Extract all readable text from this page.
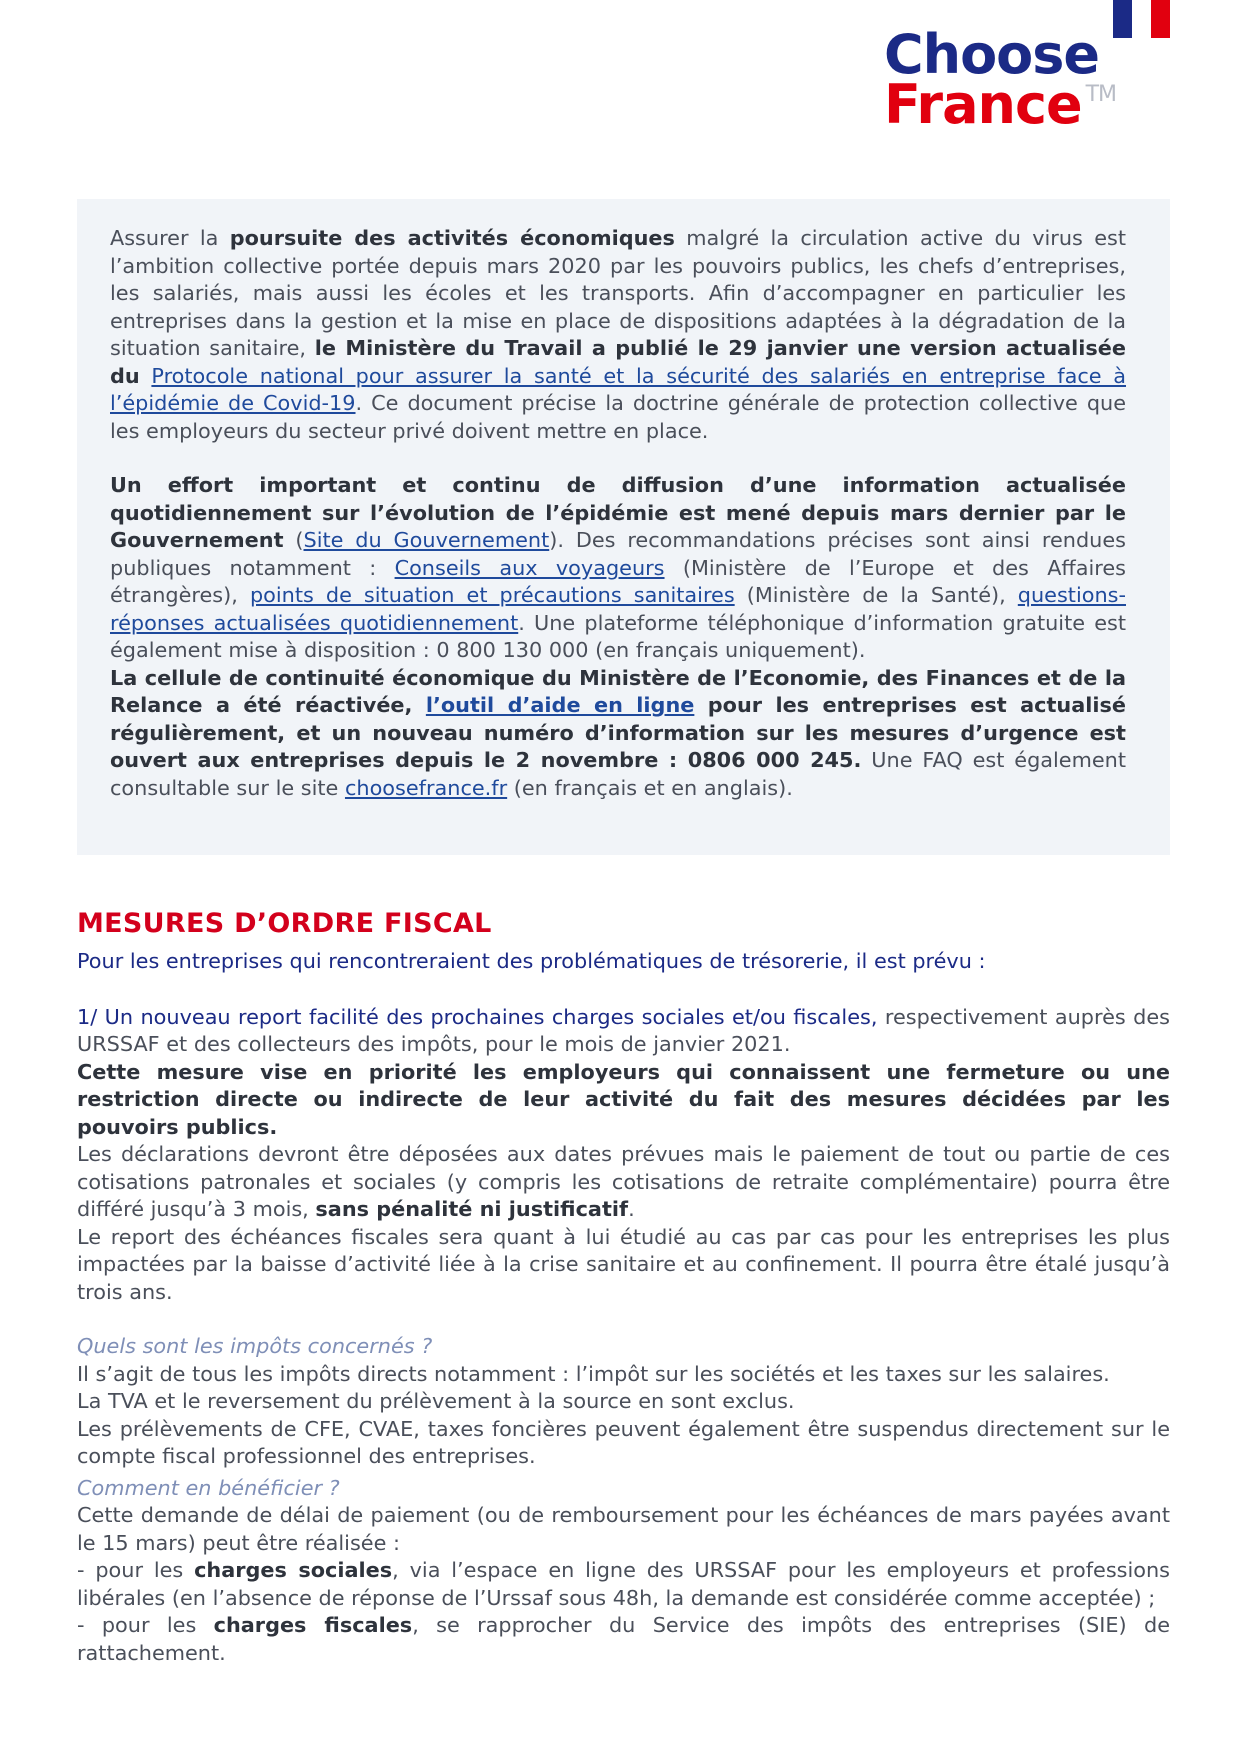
Choose
France ™

Assurer la poursuite des activités économiques malgré la circulation active du virus est l’ambition collective portée depuis mars 2020 par les pouvoirs publics, les chefs d’entreprises, les salariés, mais aussi les écoles et les transports. Afin d’accompagner en particulier les entreprises dans la gestion et la mise en place de dispositions adaptées à la dégradation de la situation sanitaire, le Ministère du Travail a publié le 29 janvier une version actualisée du Protocole national pour assurer la santé et la sécurité des salariés en entreprise face à l’épidémie de Covid-19. Ce document précise la doctrine générale de protection collective que les employeurs du secteur privé doivent mettre en place.

Un effort important et continu de diffusion d’une information actualisée quotidiennement sur l’évolution de l’épidémie est mené depuis mars dernier par le Gouvernement (Site du Gouvernement). Des recommandations précises sont ainsi rendues publiques notamment : Conseils aux voyageurs (Ministère de l’Europe et des Affaires étrangères), points de situation et précautions sanitaires (Ministère de la Santé), questions-réponses actualisées quotidiennement. Une plateforme téléphonique d’information gratuite est également mise à disposition : 0 800 130 000 (en français uniquement).

La cellule de continuité économique du Ministère de l’Economie, des Finances et de la Relance a été réactivée, l’outil d’aide en ligne pour les entreprises est actualisé régulièrement, et un nouveau numéro d’information sur les mesures d’urgence est ouvert aux entreprises depuis le 2 novembre : 0806 000 245. Une FAQ est également consultable sur le site choosefrance.fr (en français et en anglais).

MESURES D’ORDRE FISCAL

Pour les entreprises qui rencontreraient des problématiques de trésorerie, il est prévu :

1/ Un nouveau report facilité des prochaines charges sociales et/ou fiscales, respectivement auprès des URSSAF et des collecteurs des impôts, pour le mois de janvier 2021.

Cette mesure vise en priorité les employeurs qui connaissent une fermeture ou une restriction directe ou indirecte de leur activité du fait des mesures décidées par les pouvoirs publics.

Les déclarations devront être déposées aux dates prévues mais le paiement de tout ou partie de ces cotisations patronales et sociales (y compris les cotisations de retraite complémentaire) pourra être différé jusqu’à 3 mois, sans pénalité ni justificatif.

Le report des échéances fiscales sera quant à lui étudié au cas par cas pour les entreprises les plus impactées par la baisse d’activité liée à la crise sanitaire et au confinement. Il pourra être étalé jusqu’à trois ans.

Quels sont les impôts concernés ?

Il s’agit de tous les impôts directs notamment : l’impôt sur les sociétés et les taxes sur les salaires.

La TVA et le reversement du prélèvement à la source en sont exclus.

Les prélèvements de CFE, CVAE, taxes foncières peuvent également être suspendus directement sur le compte fiscal professionnel des entreprises.

Comment en bénéficier ?

Cette demande de délai de paiement (ou de remboursement pour les échéances de mars payées avant le 15 mars) peut être réalisée :

- pour les charges sociales, via l’espace en ligne des URSSAF pour les employeurs et professions libérales (en l’absence de réponse de l’Urssaf sous 48h, la demande est considérée comme acceptée) ;

- pour les charges fiscales, se rapprocher du Service des impôts des entreprises (SIE) de rattachement.
